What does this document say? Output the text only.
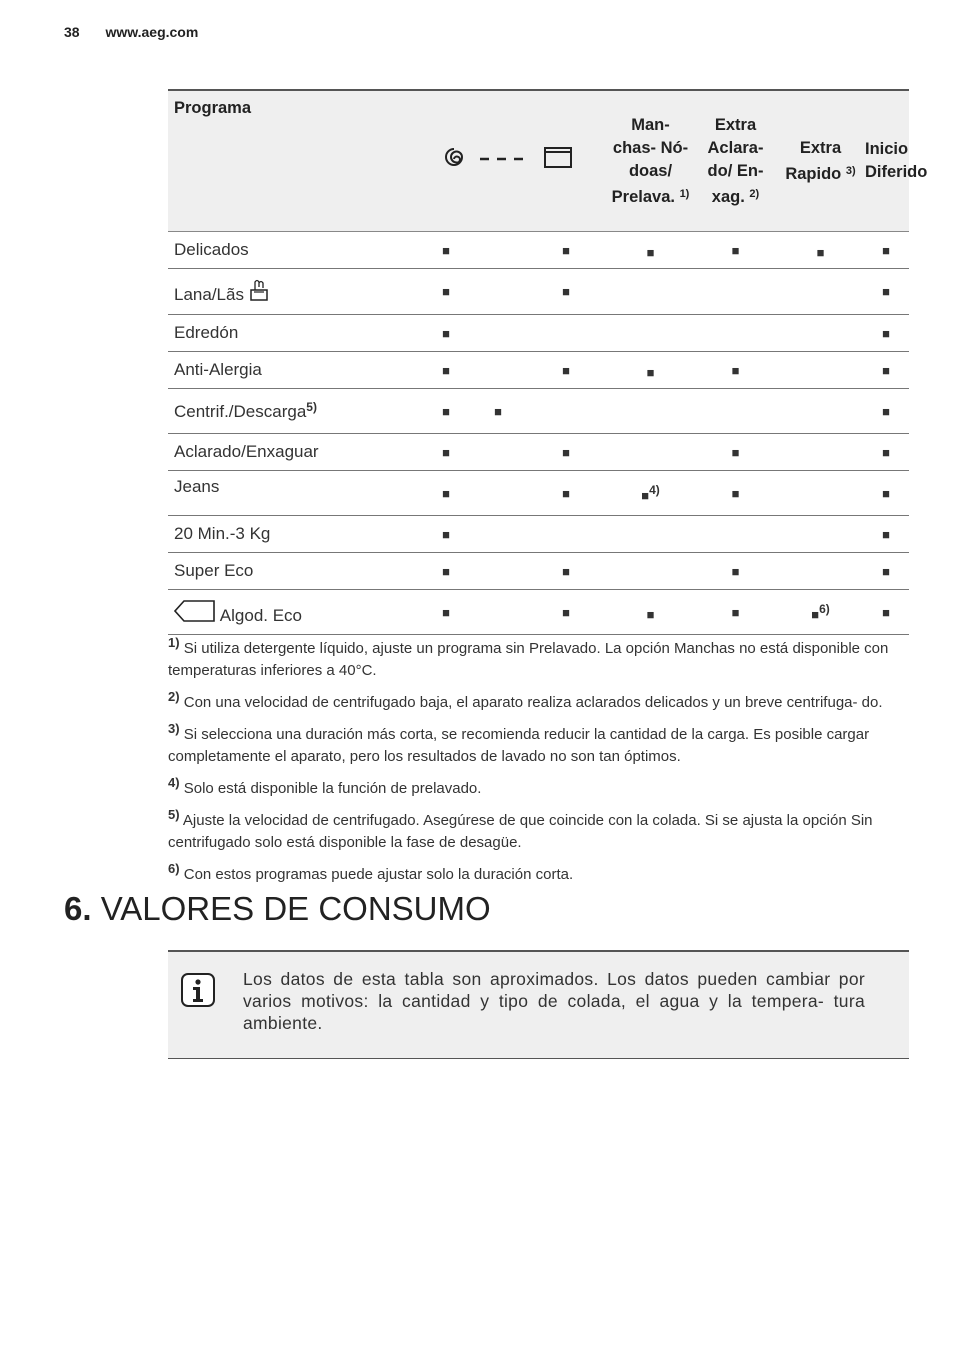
38 www.aeg.com
Programa				Man- chas- Nó- doas/ Prelava. $^{1)}$	Extra Aclara- do/ En- xag. $^{2)}$	Extra Rapido $^{3)}$	Inicio Diferido
Delicados	■		■	■	■	■	■
Lana/Lãs	■		■				■
Edredón	■						■
Anti-Alergia	■		■	■	■		■
Centrif./Descarga$^{5)}$	■	■					■
Aclarado/Enxaguar	■		■		■		■
Jeans	■		■	■$^{4)}$	■		■
20 Min.-3 Kg	■						■
Super Eco	■		■		■		■
Algod. Eco	■		■	■	■	■$^{6)}$	■

$^{1)}$ Si utiliza detergente líquido, ajuste un programa sin Prelavado. La opción Manchas no está disponible con temperaturas inferiores a 40°C.

$^{2)}$ Con una velocidad de centrifugado baja, el aparato realiza aclarados delicados y un breve centrifuga- do.

$^{3)}$ Si selecciona una duración más corta, se recomienda reducir la cantidad de la carga. Es posible cargar completamente el aparato, pero los resultados de lavado no son tan óptimos.

$^{4)}$ Solo está disponible la función de prelavado.

$^{5)}$ Ajuste la velocidad de centrifugado. Asegúrese de que coincide con la colada. Si se ajusta la opción Sin centrifugado solo está disponible la fase de desagüe.

$^{6)}$ Con estos programas puede ajustar solo la duración corta.

6. VALORES DE CONSUMO
Los datos de esta tabla son aproximados. Los datos pueden cambiar por varios motivos: la cantidad y tipo de colada, el agua y la tempera- tura ambiente.
